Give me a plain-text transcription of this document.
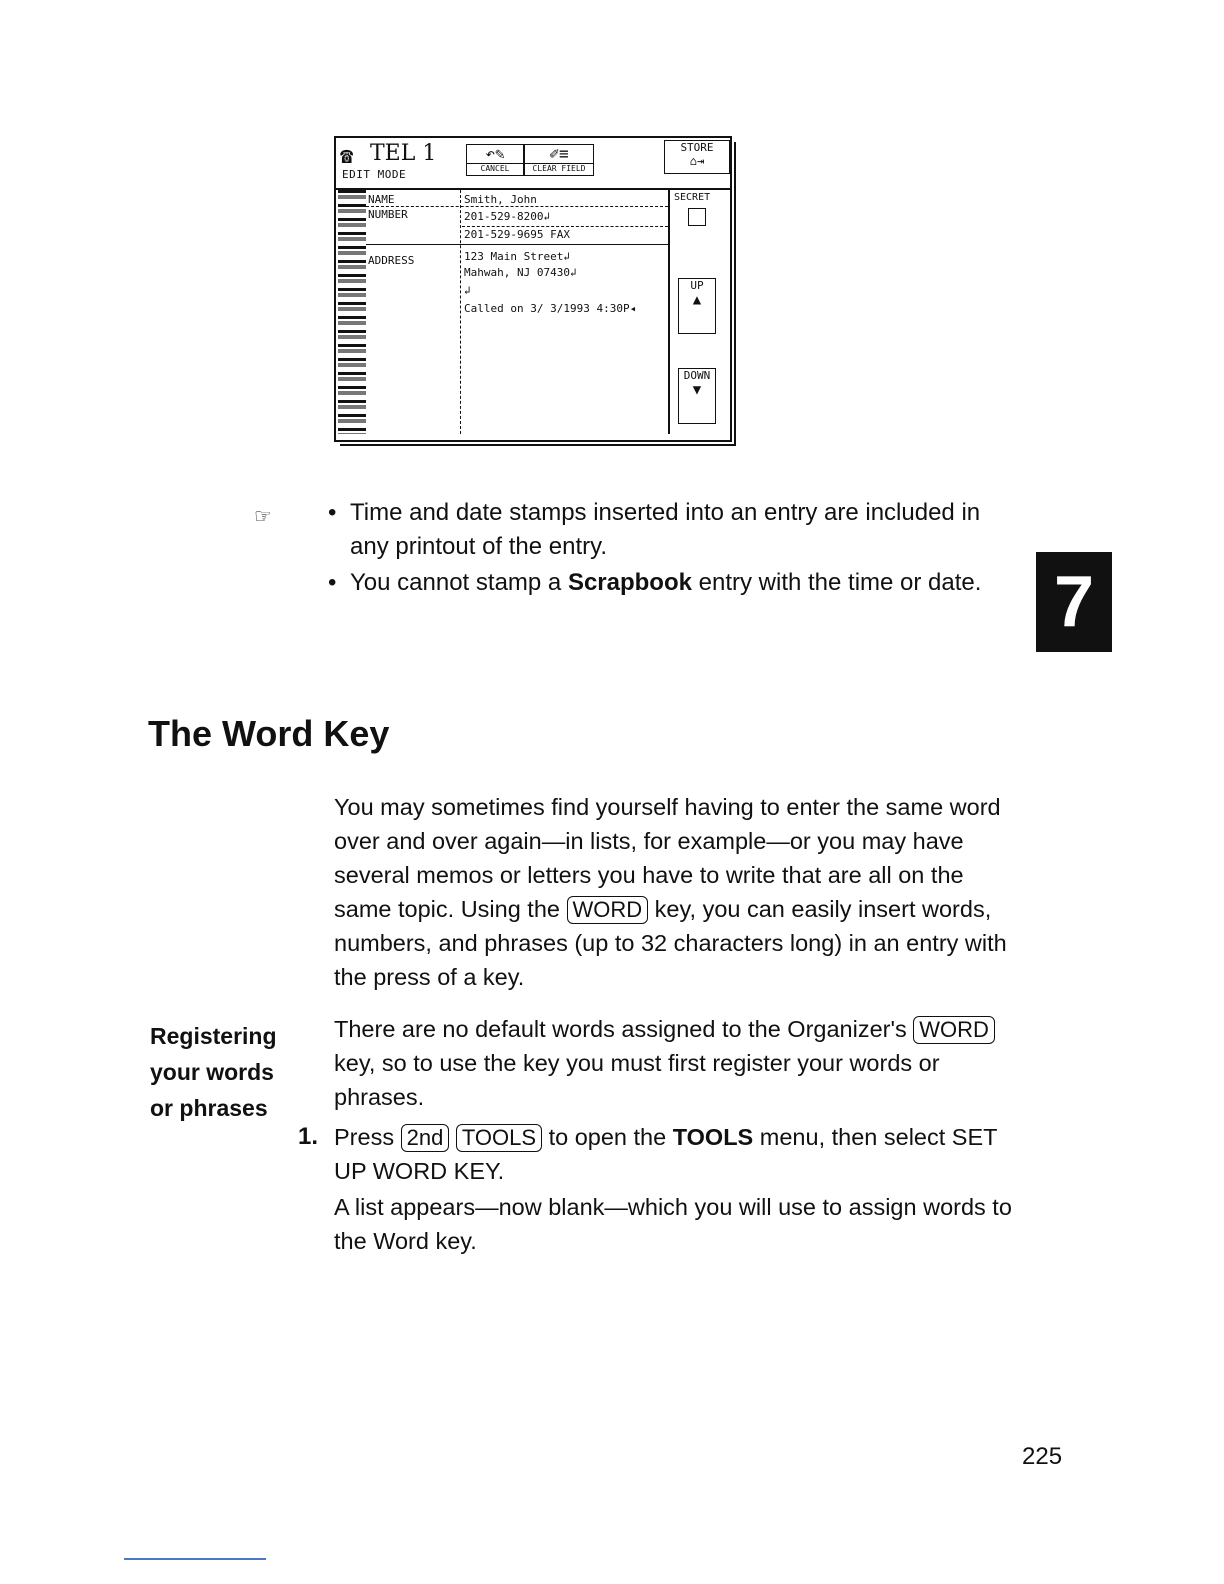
☎ TEL 1
EDIT MODE
↶✎
CANCEL
✐≡
CLEAR FIELD
STORE
⌂⇥
NAME	Smith, John
NUMBER	201-529-8200↲
201-529-9695 FAX
ADDRESS	123 Main Street↲
Mahwah, NJ 07430↲
↲
Called on 3/ 3/1993 4:30P◂
SECRET
UP
▲
DOWN
▼
☞ • Time and date stamps inserted into an entry are included in any printout of the entry.
• You cannot stamp a Scrapbook entry with the time or date.	7
The Word Key
You may sometimes find yourself having to enter the same word over and over again—in lists, for example—or you may have several memos or letters you have to write that are all on the same topic. Using the WORD key, you can easily insert words, numbers, and phrases (up to 32 characters long) in an entry with the press of a key.
Registering
your words
or phrases
There are no default words assigned to the Organizer's WORD key, so to use the key you must first register your words or phrases.
1. Press 2nd TOOLS to open the TOOLS menu, then select SET UP WORD KEY.
A list appears—now blank—which you will use to assign words to the Word key.
225
